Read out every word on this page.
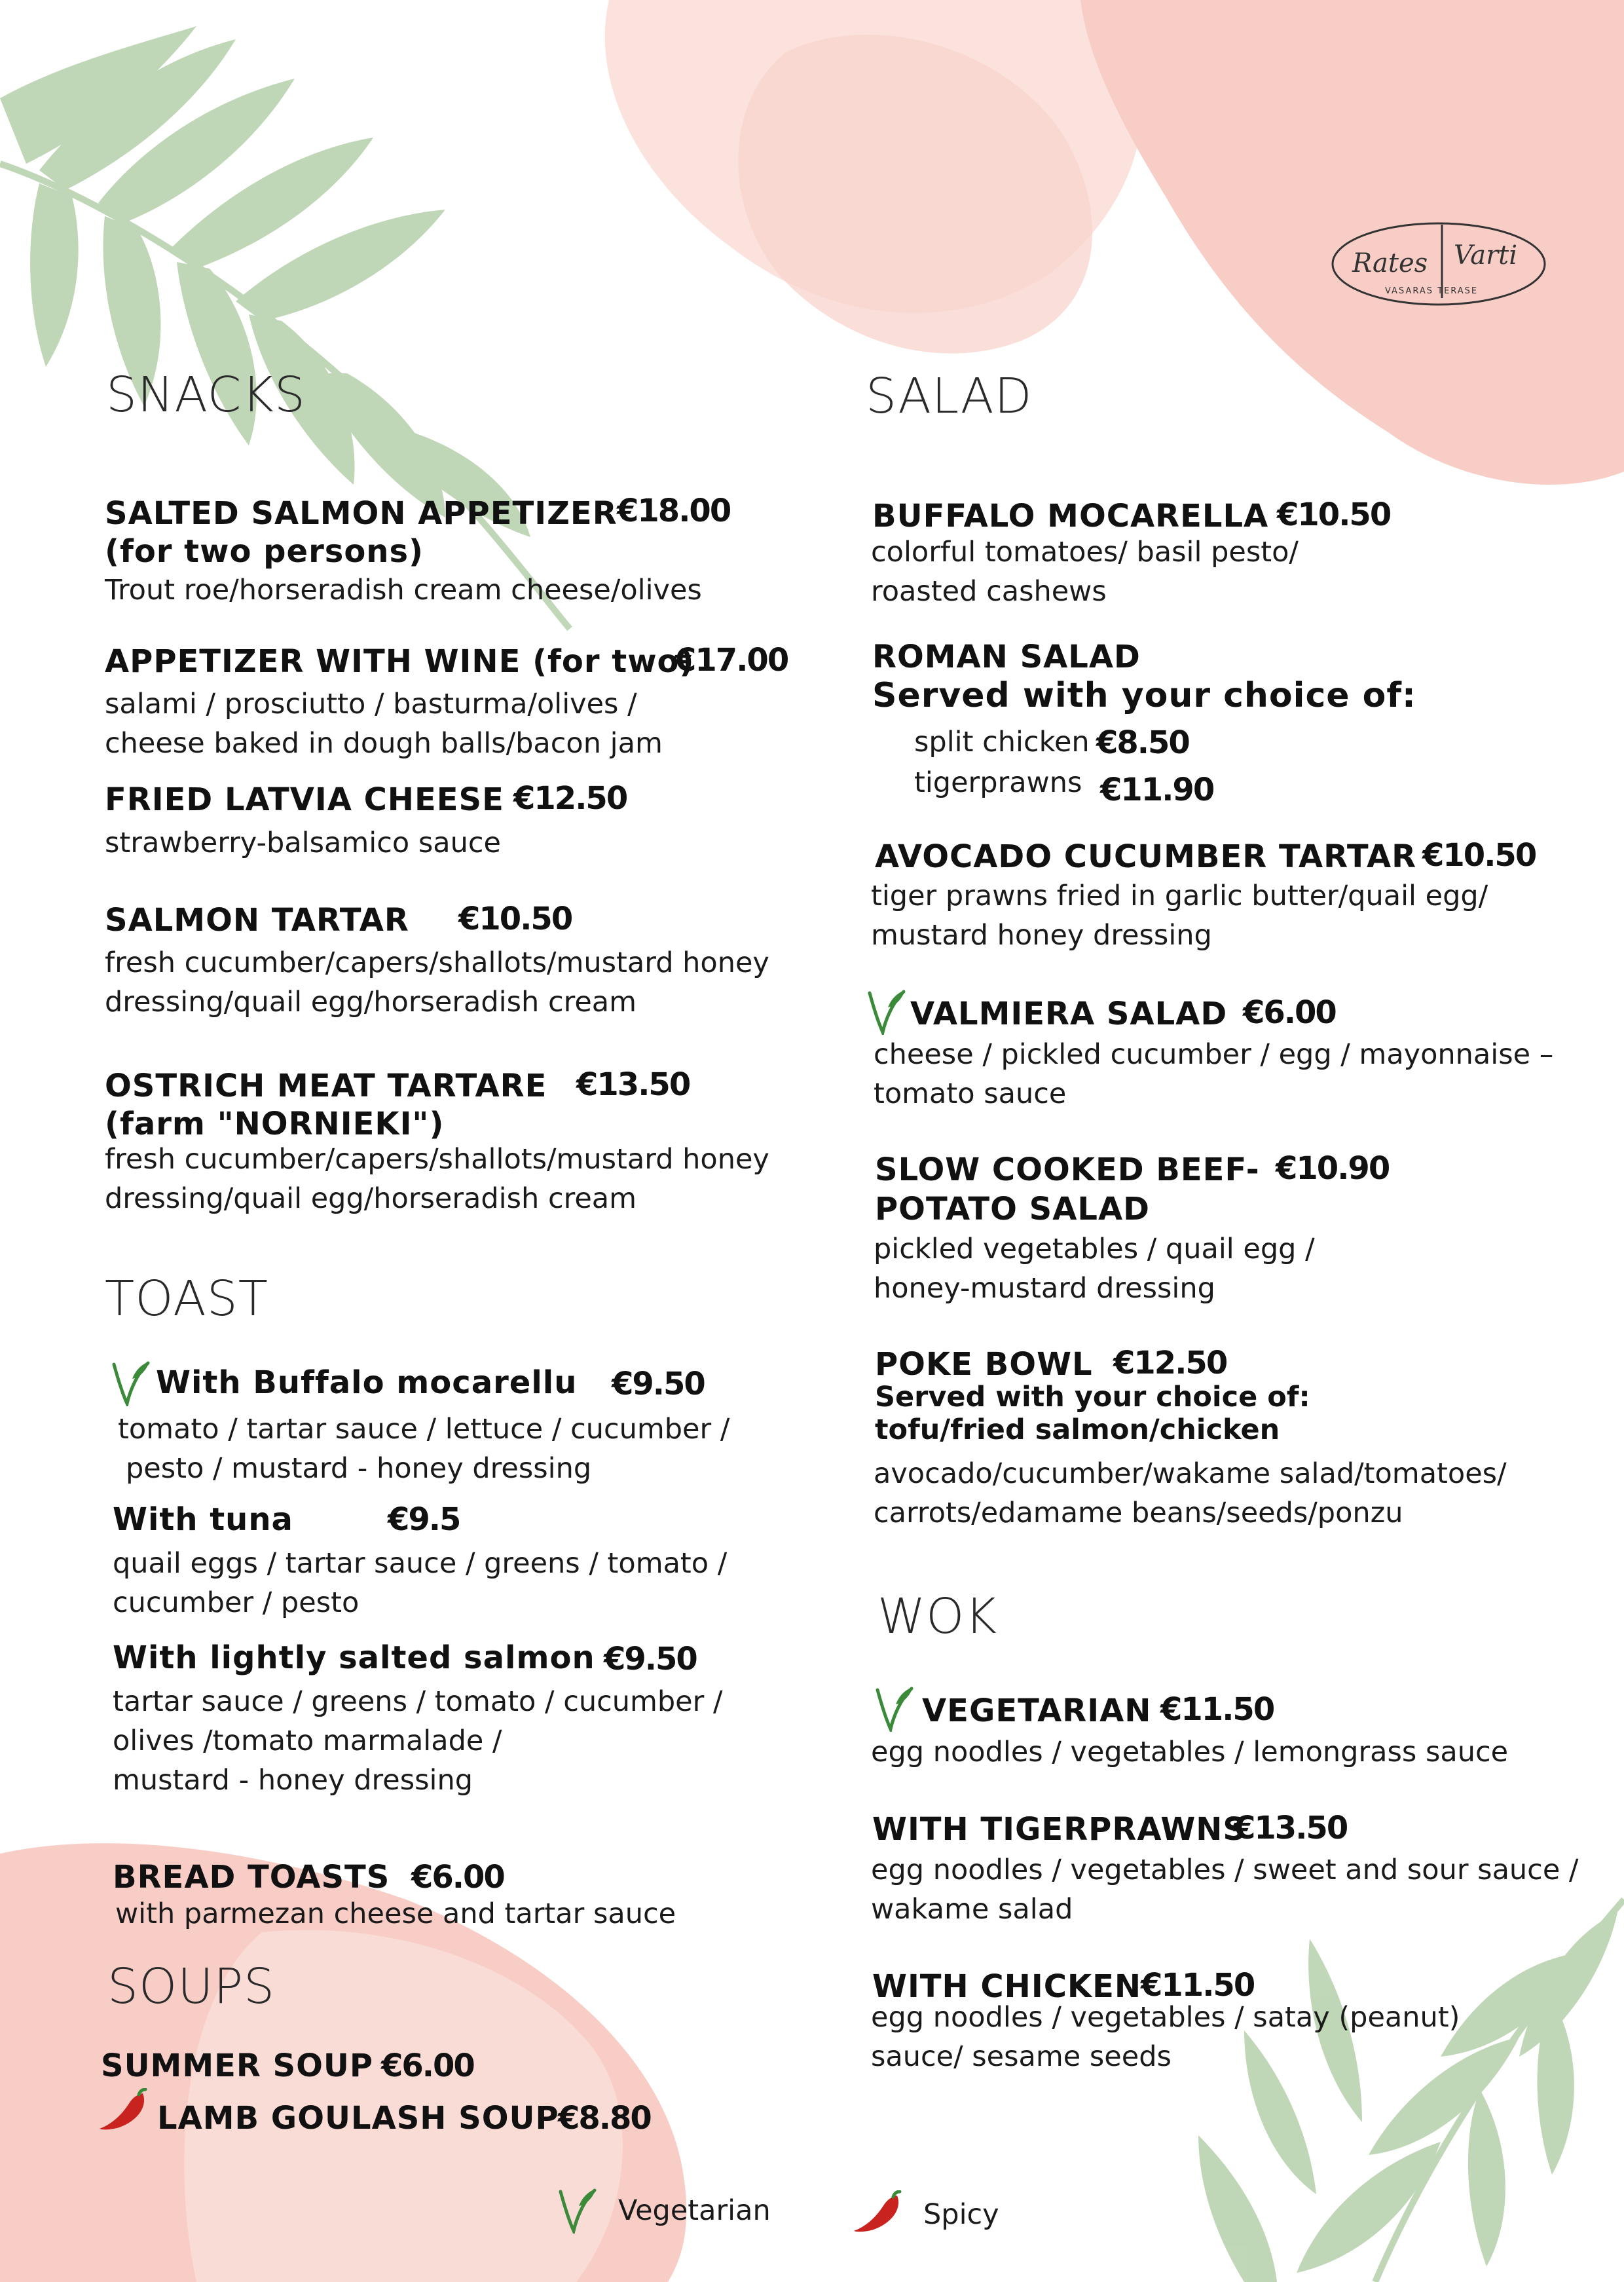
Rates Varti
VASARAS TERASE
SNACKS
SALTED SALMON APPETIZER €18.00
(for two persons)
Trout roe/horseradish cream cheese/olives
APPETIZER WITH WINE (for two)
€17.00
salami / prosciutto / basturma/olives /
cheese baked in dough balls/bacon jam
FRIED LATVIA CHEESE €12.50
strawberry-balsamico sauce
SALMON TARTAR €10.50
fresh cucumber/capers/shallots/mustard honey
dressing/quail egg/horseradish cream
OSTRICH MEAT TARTARE €13.50
(farm "NORNIEKI")
fresh cucumber/capers/shallots/mustard honey
dressing/quail egg/horseradish cream
TOAST
With Buffalo mocarellu €9.50
tomato / tartar sauce / lettuce / cucumber /
pesto / mustard - honey dressing
With tuna	€9.5
quail eggs / tartar sauce / greens / tomato /
cucumber / pesto
With lightly salted salmon €9.50
tartar sauce / greens / tomato / cucumber /
olives /tomato marmalade /
mustard - honey dressing
BREAD TOASTS €6.00
with parmezan cheese and tartar sauce
SOUPS
SUMMER SOUP €6.00
LAMB GOULASH SOUP
€8.80
SALAD
BUFFALO MOCARELLA €10.50
colorful tomatoes/ basil pesto/
roasted cashews
ROMAN SALAD
Served with your choice of:
split chicken €8.50
tigerprawns €11.90
AVOCADO CUCUMBER TARTAR €10.50
tiger prawns fried in garlic butter/quail egg/
mustard honey dressing
VALMIERA SALAD €6.00
cheese / pickled cucumber / egg / mayonnaise –
tomato sauce
SLOW COOKED BEEF- €10.90
POTATO SALAD
pickled vegetables / quail egg /
honey-mustard dressing
POKE BOWL €12.50
Served with your choice of:
tofu/fried salmon/chicken
avocado/cucumber/wakame salad/tomatoes/
carrots/edamame beans/seeds/ponzu
WOK
VEGETARIAN €11.50
egg noodles / vegetables / lemongrass sauce
WITH TIGERPRAWNS
€13.50
egg noodles / vegetables / sweet and sour sauce /
wakame salad
WITH CHICKEN
€11.50
egg noodles / vegetables / satay (peanut)
sauce/ sesame seeds
Vegetarian	Spicy
